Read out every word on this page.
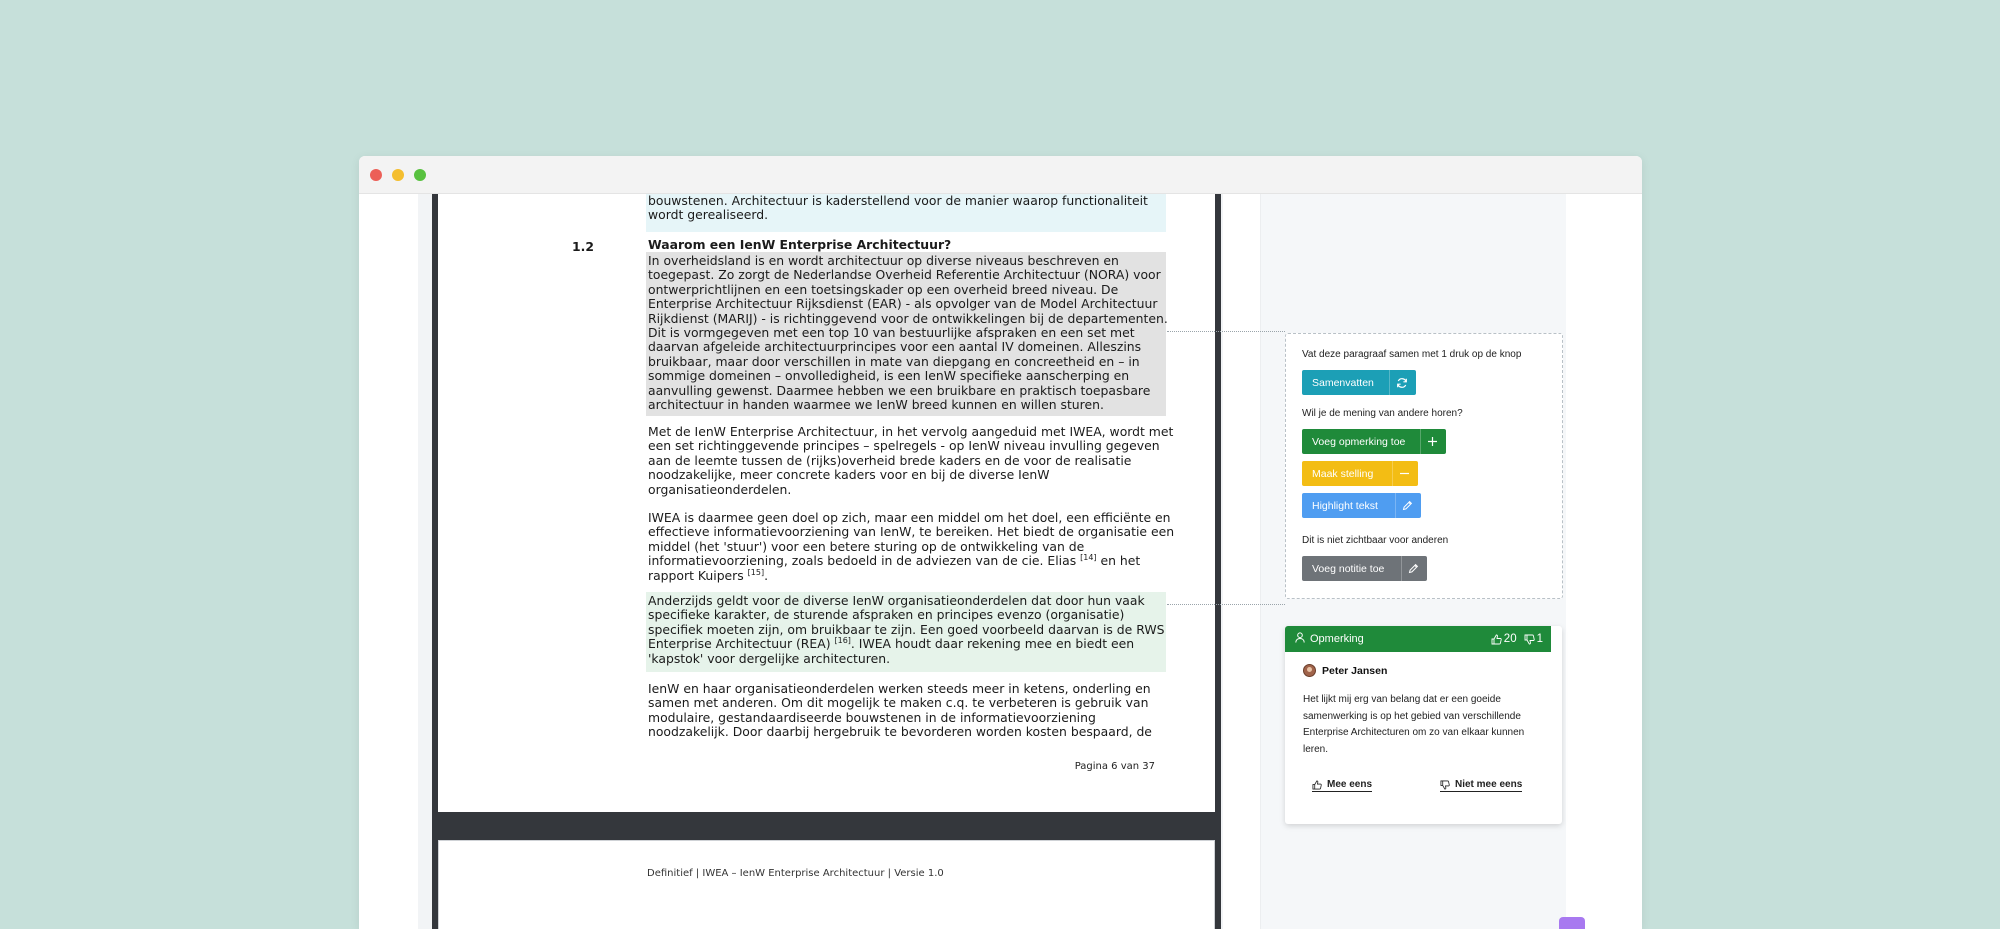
bouwstenen. Architectuur is kaderstellend voor de manier waarop functionaliteit
wordt gerealiseerd.
1.2	Waarom een IenW Enterprise Architectuur?
In overheidsland is en wordt architectuur op diverse niveaus beschreven en
toegepast. Zo zorgt de Nederlandse Overheid Referentie Architectuur (NORA) voor
ontwerprichtlijnen en een toetsingskader op een overheid breed niveau. De
Enterprise Architectuur Rijksdienst (EAR) - als opvolger van de Model Architectuur
Rijkdienst (MARIJ) - is richtinggevend voor de ontwikkelingen bij de departementen.
Dit is vormgegeven met een top 10 van bestuurlijke afspraken en een set met
daarvan afgeleide architectuurprincipes voor een aantal IV domeinen. Alleszins
bruikbaar, maar door verschillen in mate van diepgang en concreetheid en – in
sommige domeinen – onvolledigheid, is een IenW specifieke aanscherping en
aanvulling gewenst. Daarmee hebben we een bruikbare en praktisch toepasbare
architectuur in handen waarmee we IenW breed kunnen en willen sturen.
Met de IenW Enterprise Architectuur, in het vervolg aangeduid met IWEA, wordt met
een set richtinggevende principes – spelregels - op IenW niveau invulling gegeven
aan de leemte tussen de (rijks)overheid brede kaders en de voor de realisatie
noodzakelijke, meer concrete kaders voor en bij de diverse IenW
organisatieonderdelen.
IWEA is daarmee geen doel op zich, maar een middel om het doel, een efficiënte en
effectieve informatievoorziening van IenW, te bereiken. Het biedt de organisatie een
middel (het 'stuur') voor een betere sturing op de ontwikkeling van de
informatievoorziening, zoals bedoeld in de adviezen van de cie. Elias [14] en het
rapport Kuipers [15].
Anderzijds geldt voor de diverse IenW organisatieonderdelen dat door hun vaak
specifieke karakter, de sturende afspraken en principes evenzo (organisatie)
specifiek moeten zijn, om bruikbaar te zijn. Een goed voorbeeld daarvan is de RWS
Enterprise Architectuur (REA) [16]. IWEA houdt daar rekening mee en biedt een
'kapstok' voor dergelijke architecturen.
IenW en haar organisatieonderdelen werken steeds meer in ketens, onderling en
samen met anderen. Om dit mogelijk te maken c.q. te verbeteren is gebruik van
modulaire, gestandaardiseerde bouwstenen in de informatievoorziening
noodzakelijk. Door daarbij hergebruik te bevorderen worden kosten bespaard, de
Pagina 6 van 37
Definitief | IWEA – IenW Enterprise Architectuur | Versie 1.0
Vat deze paragraaf samen met 1 druk op de knop
Samenvatten
Wil je de mening van andere horen?
Voeg opmerking toe
Maak stelling
Highlight tekst
Dit is niet zichtbaar voor anderen
Voeg notitie toe
Opmerking	20 1
Peter Jansen
Het lijkt mij erg van belang dat er een goeide samenwerking is op het gebied van verschillende Enterprise Architecturen om zo van elkaar kunnen leren.
Mee eens	Niet mee eens
